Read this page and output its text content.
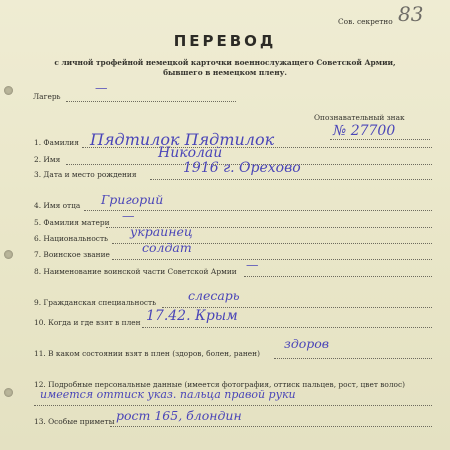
Сов. секретно 83
ПЕРЕВОД
с личной трофейной немецкой карточки военнослужащего Советской Армии,
бывшего в немецком плену.
Лагерь
—
Опознавательный знак
№ 27700
1. Фамилия Пядтилок Пядтилок
2. Имя	Николай
3. Дата и место рождения	1916 г. Орехово
4. Имя отца Григорий
5. Фамилия матери —
6. Национальность украинец
7. Воинское звание	солдат
8. Наименование воинской части Советской Армии —
9. Гражданская специальность	слесарь
10. Когда и где взят в плен 17.42. Крым
11. В каком состоянии взят в плен (здоров, болен, ранен)
здоров
12. Подробные персональные данные (имеется фотография, оттиск пальцев, рост, цвет волос)
имеется оттиск указ. пальца правой руки
13. Особые приметы рост 165, блондин
